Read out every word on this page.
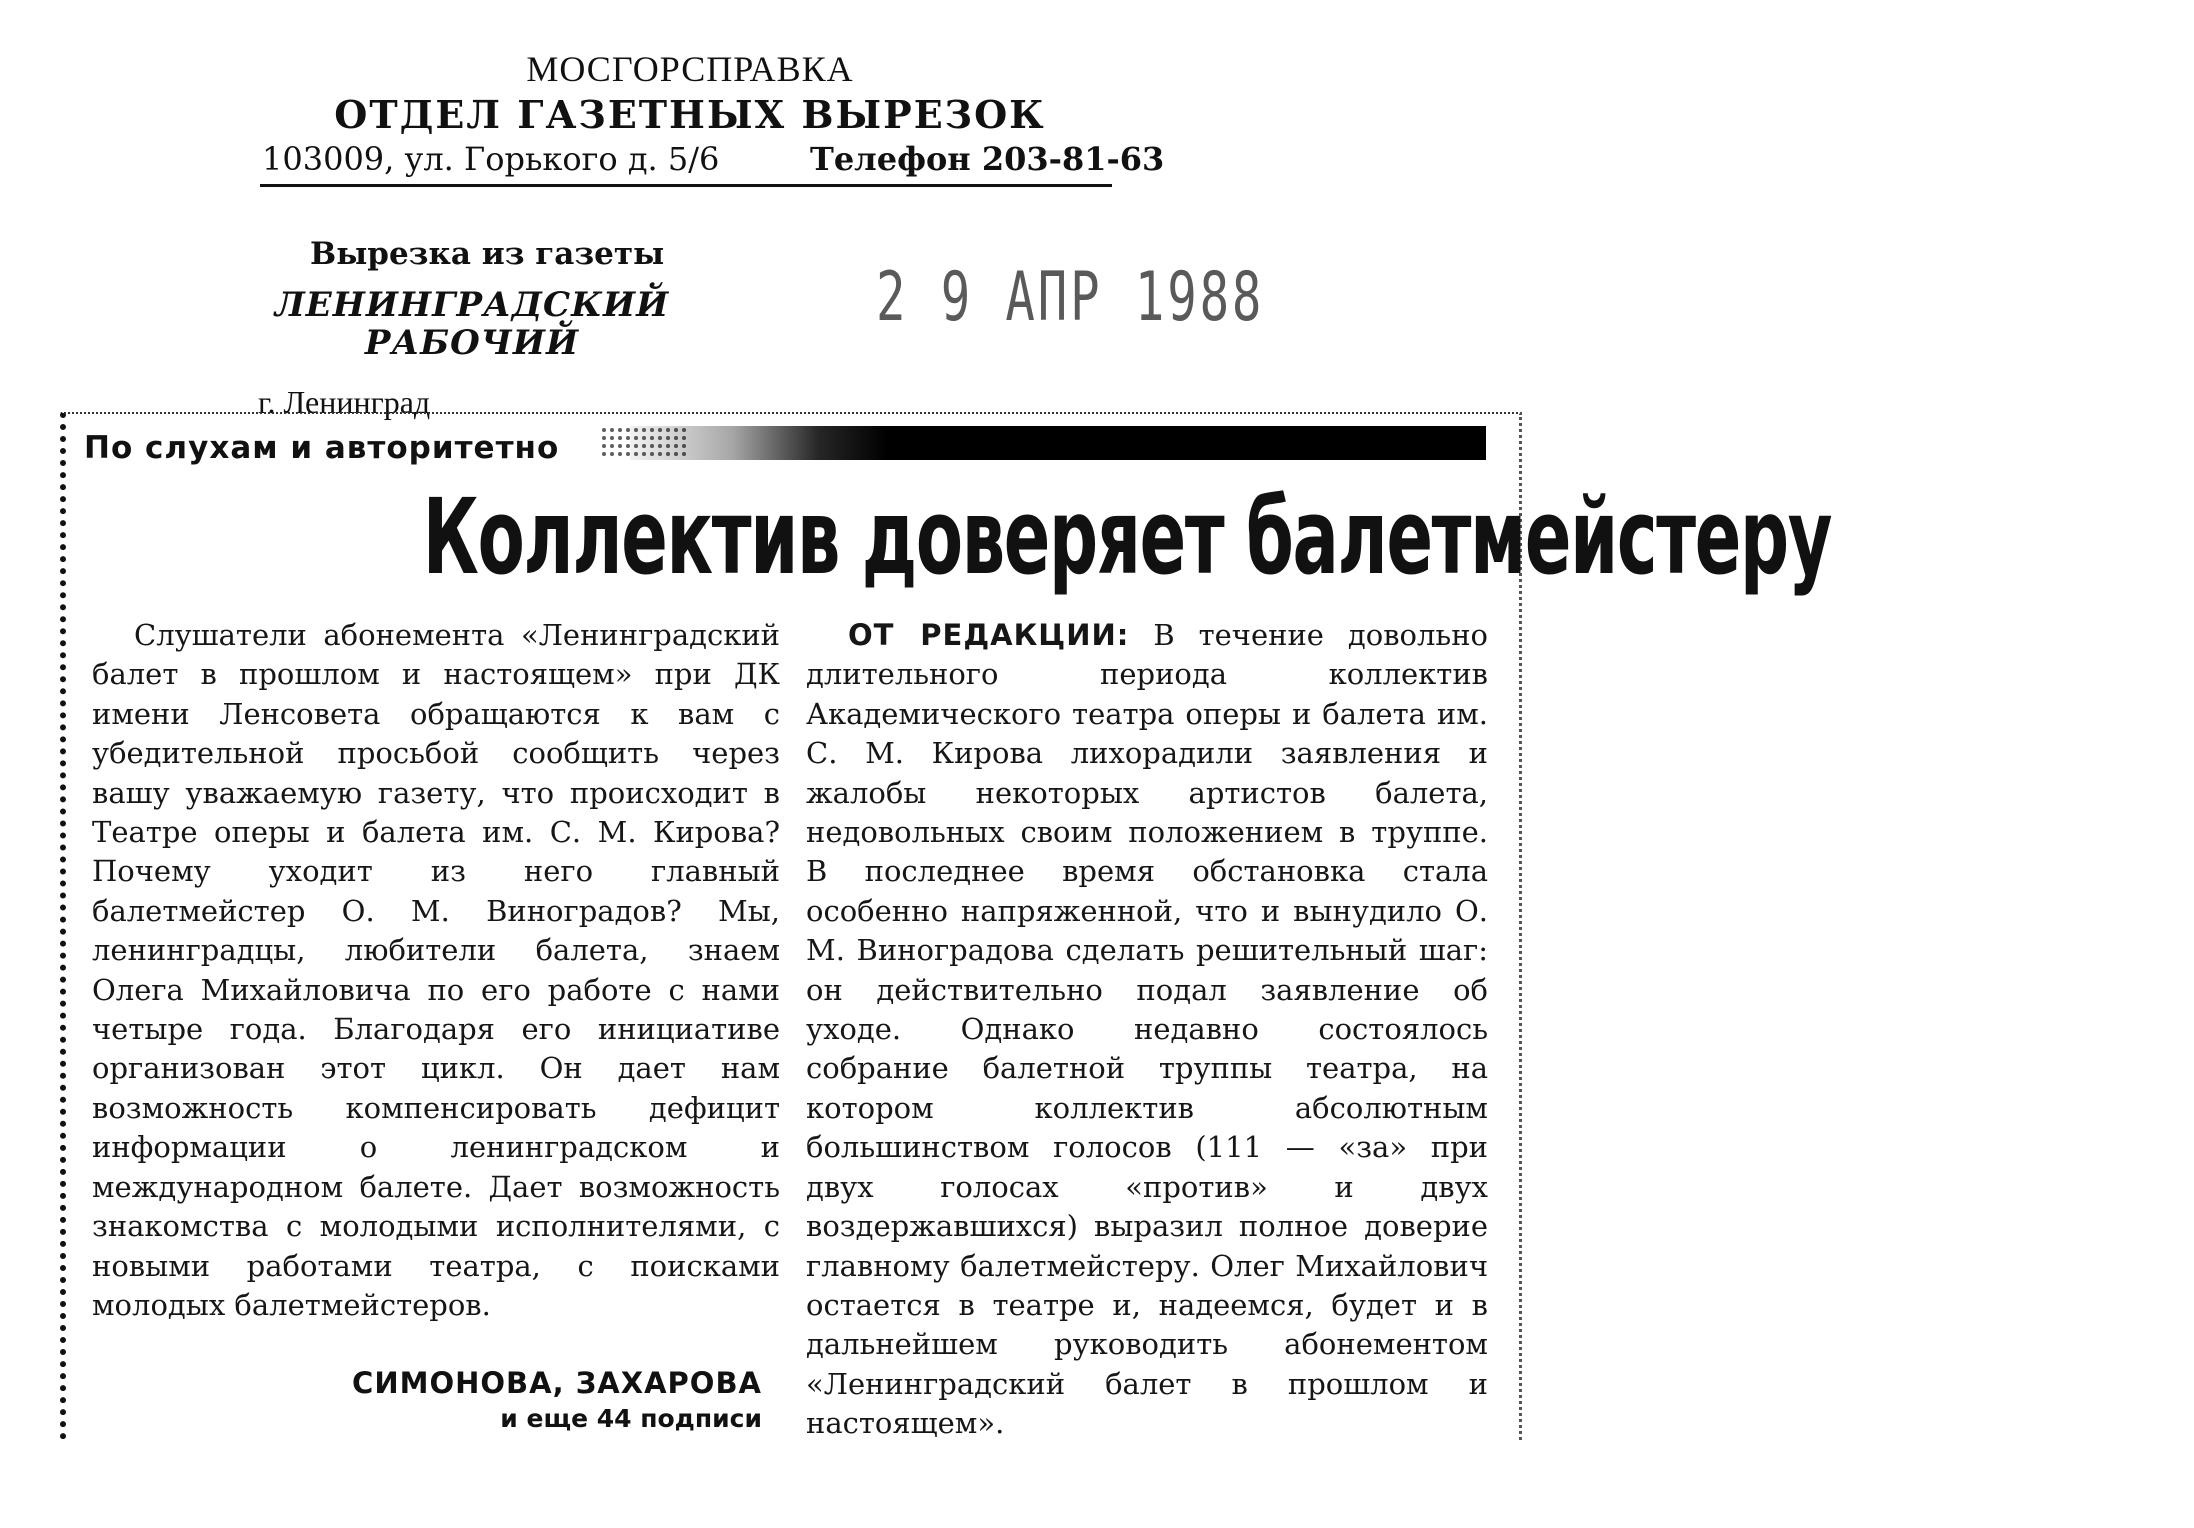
МОСГОРСПРАВКА
ОТДЕЛ ГАЗЕТНЫХ ВЫРЕЗОК
103009, ул. Горького д. 5/6	Телефон 203-81-63
Вырезка из газеты
ЛЕНИНГРАДСКИЙ
РАБОЧИЙ
г. Ленинград
2 9 АПР 1988
По слухам и авторитетно
Коллектив доверяет балетмейстеру

Слушатели абонемента «Ленинградский балет в прошлом и настоящем» при ДК имени Ленсовета обращаются к вам с убедительной просьбой сообщить через вашу уважаемую газету, что происходит в Театре оперы и балета им. С. М. Кирова? Почему уходит из него главный балетмейстер О. М. Виноградов? Мы, ленинградцы, любители балета, знаем Олега Михайловича по его работе с нами четыре года. Благодаря его инициативе организован этот цикл. Он дает нам возможность компенсировать дефицит информации о ленинградском и международном балете. Дает возможность знакомства с молодыми исполнителями, с новыми работами театра, с поисками молодых балетмейстеров.

СИМОНОВА, ЗАХАРОВА
и еще 44 подписи

ОТ РЕДАКЦИИ: В течение довольно длительного периода коллектив Академического театра оперы и балета им. С. М. Кирова лихорадили заявления и жалобы некоторых артистов балета, недовольных своим положением в труппе. В последнее время обстановка стала особенно напряженной, что и вынудило О. М. Виноградова сделать решительный шаг: он действительно подал заявление об уходе. Однако недавно состоялось собрание балетной труппы театра, на котором коллектив абсолютным большинством голосов (111 — «за» при двух голосах «против» и двух воздержавшихся) выразил полное доверие главному балетмейстеру. Олег Михайлович остается в театре и, надеемся, будет и в дальнейшем руководить абонементом «Ленинградский балет в прошлом и настоящем».
